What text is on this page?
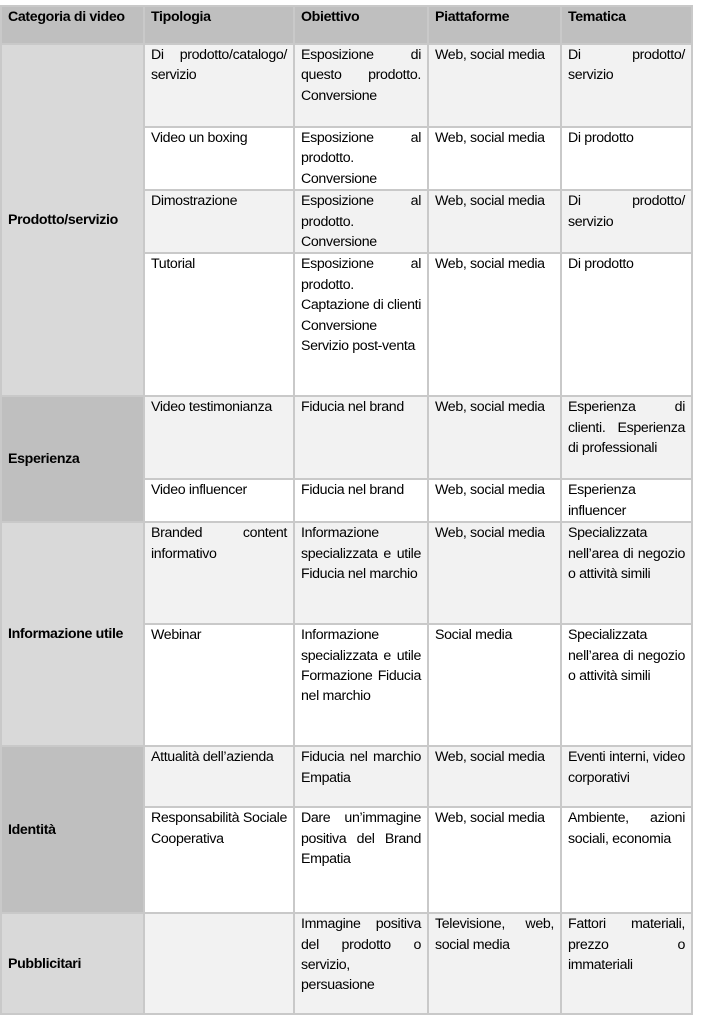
Categoria di video	Tipologia	Obiettivo	Piattaforme	Tematica
Prodotto/servizio	Di prodotto/catalogo/ servizio	Esposizione di questo prodotto. Conversione	Web, social media	Di prodotto/ servizio
	Video un boxing	Esposizione al prodotto. Conversione	Web, social media	Di prodotto
	Dimostrazione	Esposizione al prodotto. Conversione	Web, social media	Di prodotto/ servizio
	Tutorial	Esposizione al prodotto. Captazione di clienti Conversione Servizio post-venta	Web, social media	Di prodotto
Esperienza	Video testimonianza	Fiducia nel brand	Web, social media	Esperienza di clienti. Esperienza di professionali
	Video influencer	Fiducia nel brand	Web, social media	Esperienza influencer
Informazione utile	Branded content informativo	Informazione specializzata e utile Fiducia nel marchio	Web, social media	Specializzata nell’area di negozio o attività simili
	Webinar	Informazione specializzata e utile Formazione Fiducia nel marchio	Social media	Specializzata nell’area di negozio o attività simili
Identità	Attualità dell’azienda	Fiducia nel marchio Empatia	Web, social media	Eventi interni, video corporativi
	Responsabilità Sociale Cooperativa	Dare un’immagine positiva del Brand Empatia	Web, social media	Ambiente, azioni sociali, economia
Pubblicitari		Immagine positiva del prodotto o servizio, persuasione	Televisione, web, social media	Fattori materiali, prezzo o immateriali
